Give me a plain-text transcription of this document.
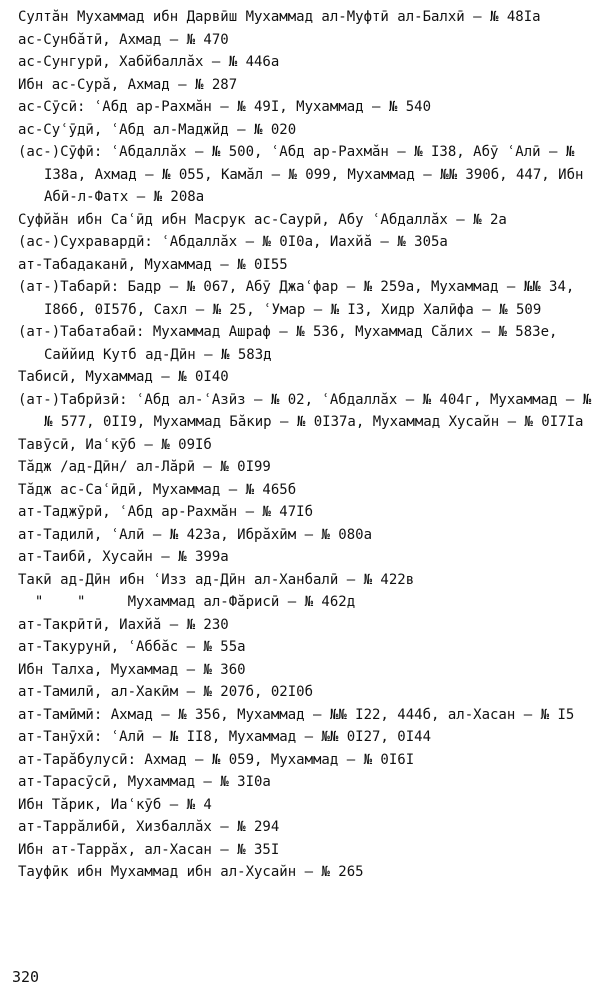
Султӑн Мухаммад ибн Дарвӣш Мухаммад ал-Муфтӣ ал-Балхӣ – № 48Iа
ас-Сунбӑтӣ, Ахмад – № 470
ас-Сунгурӣ, Хабйбаллӑх – № 446а
Ибн ас-Сурӑ, Ахмад – № 287
ас-Сӯсӣ: ʿАбд ар-Рахмӑн – № 49I, Мухаммад – № 540
ас-Суʿӯдӣ, ʿАбд ал-Маджйд – № 020
(ас-)Сӯфӣ: ʿАбдаллӑх – № 500, ʿАбд ар-Рахмӑн – № I38, Абӯ ʿАлӣ – № I38а, Ахмад – № 055, Камӑл – № 099, Мухаммад – №№ 390б, 447, Ибн Абӣ-л-Фатх – № 208а
Суфйӑн ибн Саʿӣд ибн Масрук ас-Саурӣ, Абу ʿАбдаллӑх – № 2а
(ас-)Сухравардӣ: ʿАбдаллӑх – № 0I0а, Иахйӑ – № 305а
ат-Табадаканӣ, Мухаммад – № 0I55
(ат-)Табарӣ: Бадр – № 067, Абӯ Джаʿфар – № 259а, Мухаммад – №№ 34, I86б, 0I57б, Сахл – № 25, ʿУмар – № I3, Хидр Халӣфа – № 509
(ат-)Табатабаӣ: Мухаммад Ашраф – № 536, Мухаммад Сӑлих – № 583е, Саййид Кутб ад-Дӣн – № 583д
Табисӣ, Мухаммад – № 0I40
(ат-)Табрӣзӣ: ʿАбд ал-ʿАзӣз – № 02, ʿАбдаллӑх – № 404г, Мухаммад – №№ 577, 0II9, Мухаммад Бӑкир – № 0I37а, Мухаммад Хусайн – № 0I7Iа
Тавӯсӣ, Иаʿкӯб – № 09Iб
Тӑдж /ад-Дӣн/ ал-Лӑрӣ – № 0I99
Тӑдж ас-Саʿӣдӣ, Мухаммад – № 465б
ат-Таджӯрӣ, ʿАбд ар-Рахмӑн – № 47Iб
ат-Тадилӣ, ʿАлӣ – № 423а, Ибрӑхӣм – № 080а
ат-Таибӣ, Хусайн – № 399а
Такӣ ад-Дӣн ибн ʿИзз ад-Дӣн ал-Ханбалӣ – № 422в
"    "     Мухаммад ал-Фӑрисӣ – № 462д
ат-Такрӣтӣ, Иахйӑ – № 230
ат-Такурунӣ, ʿАббӑс – № 55а
Ибн Талха, Мухаммад – № 360
ат-Тамилӣ, ал-Хакӣм – № 207б, 02I0б
ат-Тамӣмӣ: Ахмад – № 356, Мухаммад – №№ I22, 444б, ал-Хасан – № I5
ат-Танӯхӣ: ʿАлӣ – № II8, Мухаммад – №№ 0I27, 0I44
ат-Тарӑбулусӣ: Ахмад – № 059, Мухаммад – № 0I6I
ат-Тарасӯсӣ, Мухаммад – № 3I0а
Ибн Тӑрик, Иаʿкӯб – № 4
ат-Таррӑлибӣ, Хизбаллӑх – № 294
Ибн ат-Таррӑх, ал-Хасан – № 35I
Тауфӣк ибн Мухаммад ибн ал-Хусайн – № 265
320
